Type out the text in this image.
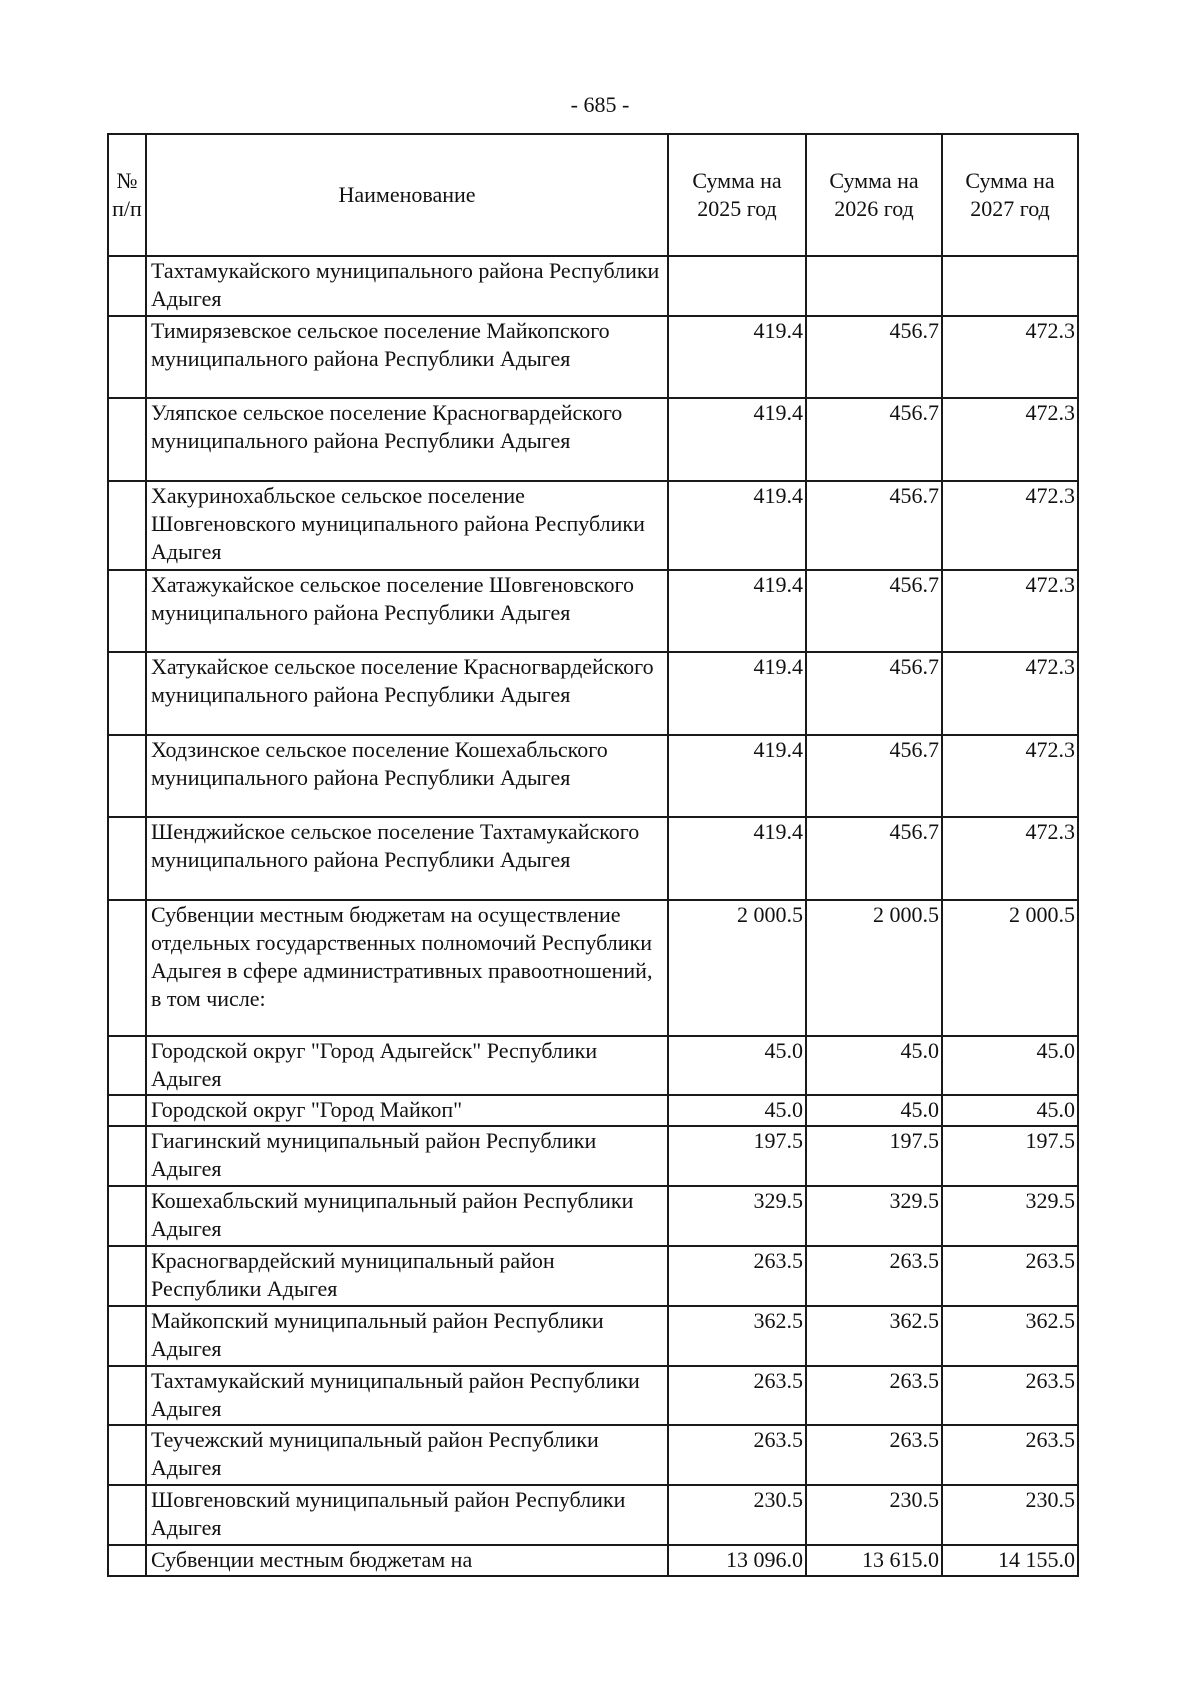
- 685 -
№ п/п	Наименование	Сумма на 2025 год	Сумма на 2026 год	Сумма на 2027 год
	Тахтамукайского муниципального района Республики Адыгея			
	Тимирязевское сельское поселение Майкопского муниципального района Республики Адыгея	419.4	456.7	472.3
	Уляпское сельское поселение Красногвардейского муниципального района Республики Адыгея	419.4	456.7	472.3
	Хакуринохабльское сельское поселение Шовгеновского муниципального района Республики Адыгея	419.4	456.7	472.3
	Хатажукайское сельское поселение Шовгеновского муниципального района Республики Адыгея	419.4	456.7	472.3
	Хатукайское сельское поселение Красногвардейского муниципального района Республики Адыгея	419.4	456.7	472.3
	Ходзинское сельское поселение Кошехабльского муниципального района Республики Адыгея	419.4	456.7	472.3
	Шенджийское сельское поселение Тахтамукайского муниципального района Республики Адыгея	419.4	456.7	472.3
	Субвенции местным бюджетам на осуществление отдельных государственных полномочий Республики Адыгея в сфере административных правоотношений, в том числе:	2 000.5	2 000.5	2 000.5
	Городской округ "Город Адыгейск" Республики Адыгея	45.0	45.0	45.0
	Городской округ "Город Майкоп"	45.0	45.0	45.0
	Гиагинский муниципальный район Республики Адыгея	197.5	197.5	197.5
	Кошехабльский муниципальный район Республики Адыгея	329.5	329.5	329.5
	Красногвардейский муниципальный район Республики Адыгея	263.5	263.5	263.5
	Майкопский муниципальный район Республики Адыгея	362.5	362.5	362.5
	Тахтамукайский муниципальный район Республики Адыгея	263.5	263.5	263.5
	Теучежский муниципальный район Республики Адыгея	263.5	263.5	263.5
	Шовгеновский муниципальный район Республики Адыгея	230.5	230.5	230.5
	Субвенции местным бюджетам на	13 096.0	13 615.0	14 155.0
